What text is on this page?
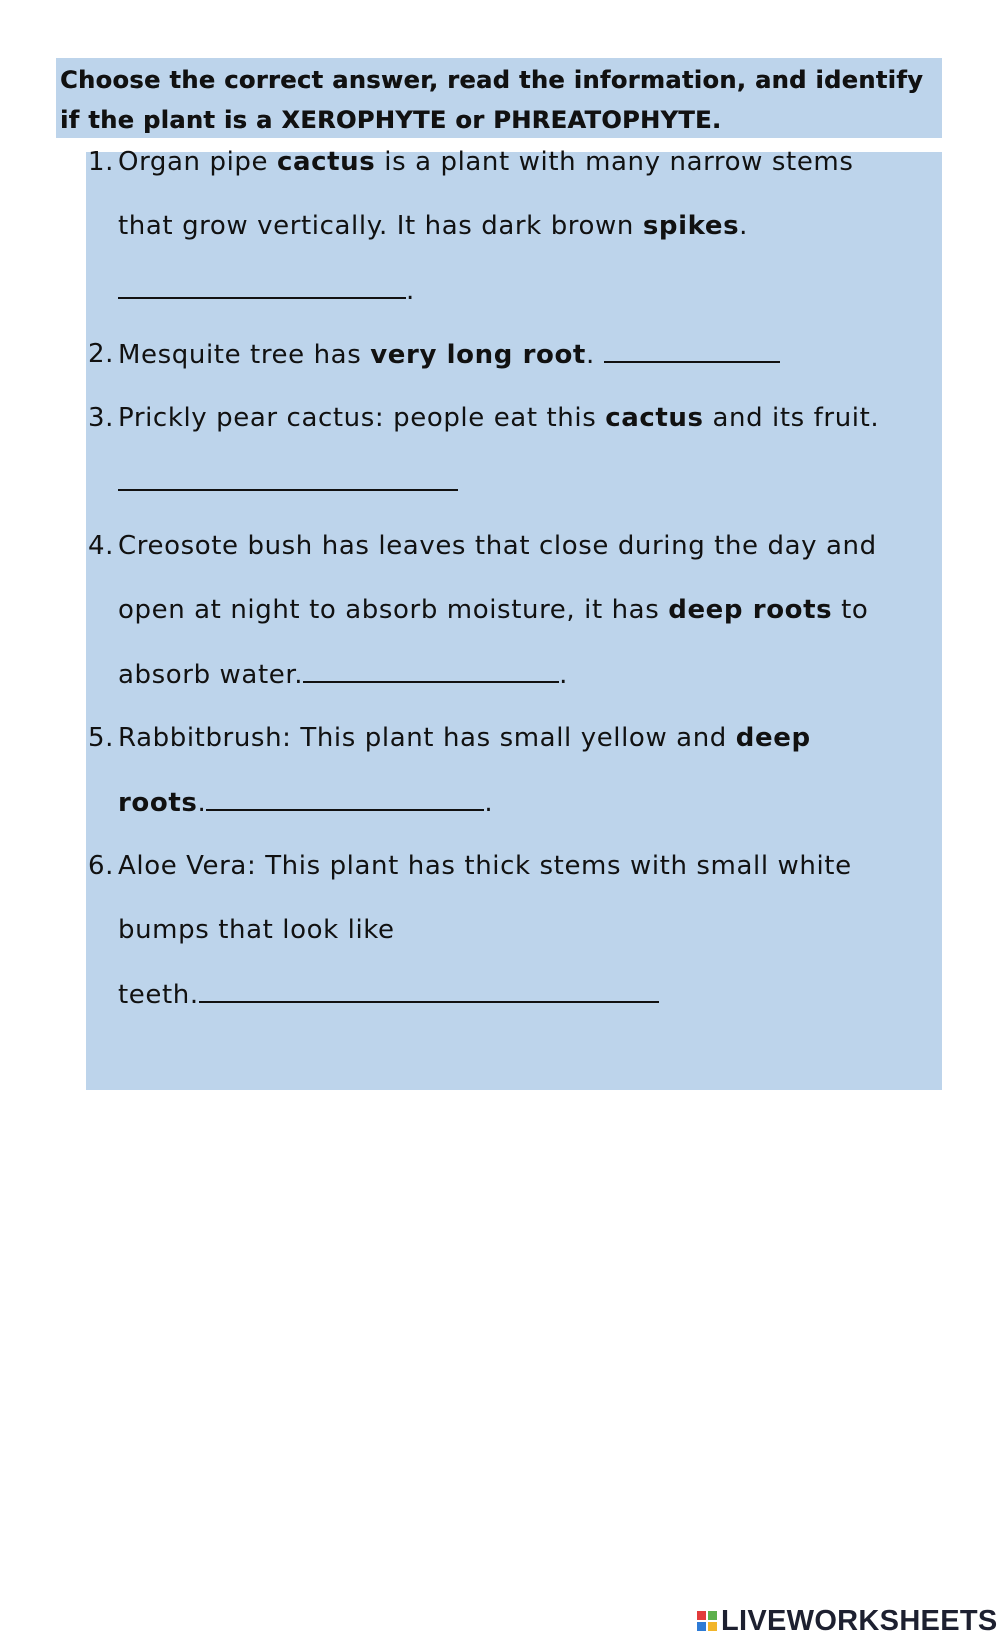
Choose the correct answer, read the information, and identify
if the plant is a XEROPHYTE or PHREATOPHYTE.
1. Organ pipe cactus is a plant with many narrow stems
that grow vertically. It has dark brown spikes.
.
2. Mesquite tree has very long root.
3. Prickly pear cactus: people eat this cactus and its fruit.
4. Creosote bush has leaves that close during the day and
open at night to absorb moisture, it has deep roots to
absorb water.	.
5. Rabbitbrush: This plant has small yellow and deep
roots.	.
6. Aloe Vera: This plant has thick stems with small white
bumps that look like
teeth.
LIVEWORKSHEETS
